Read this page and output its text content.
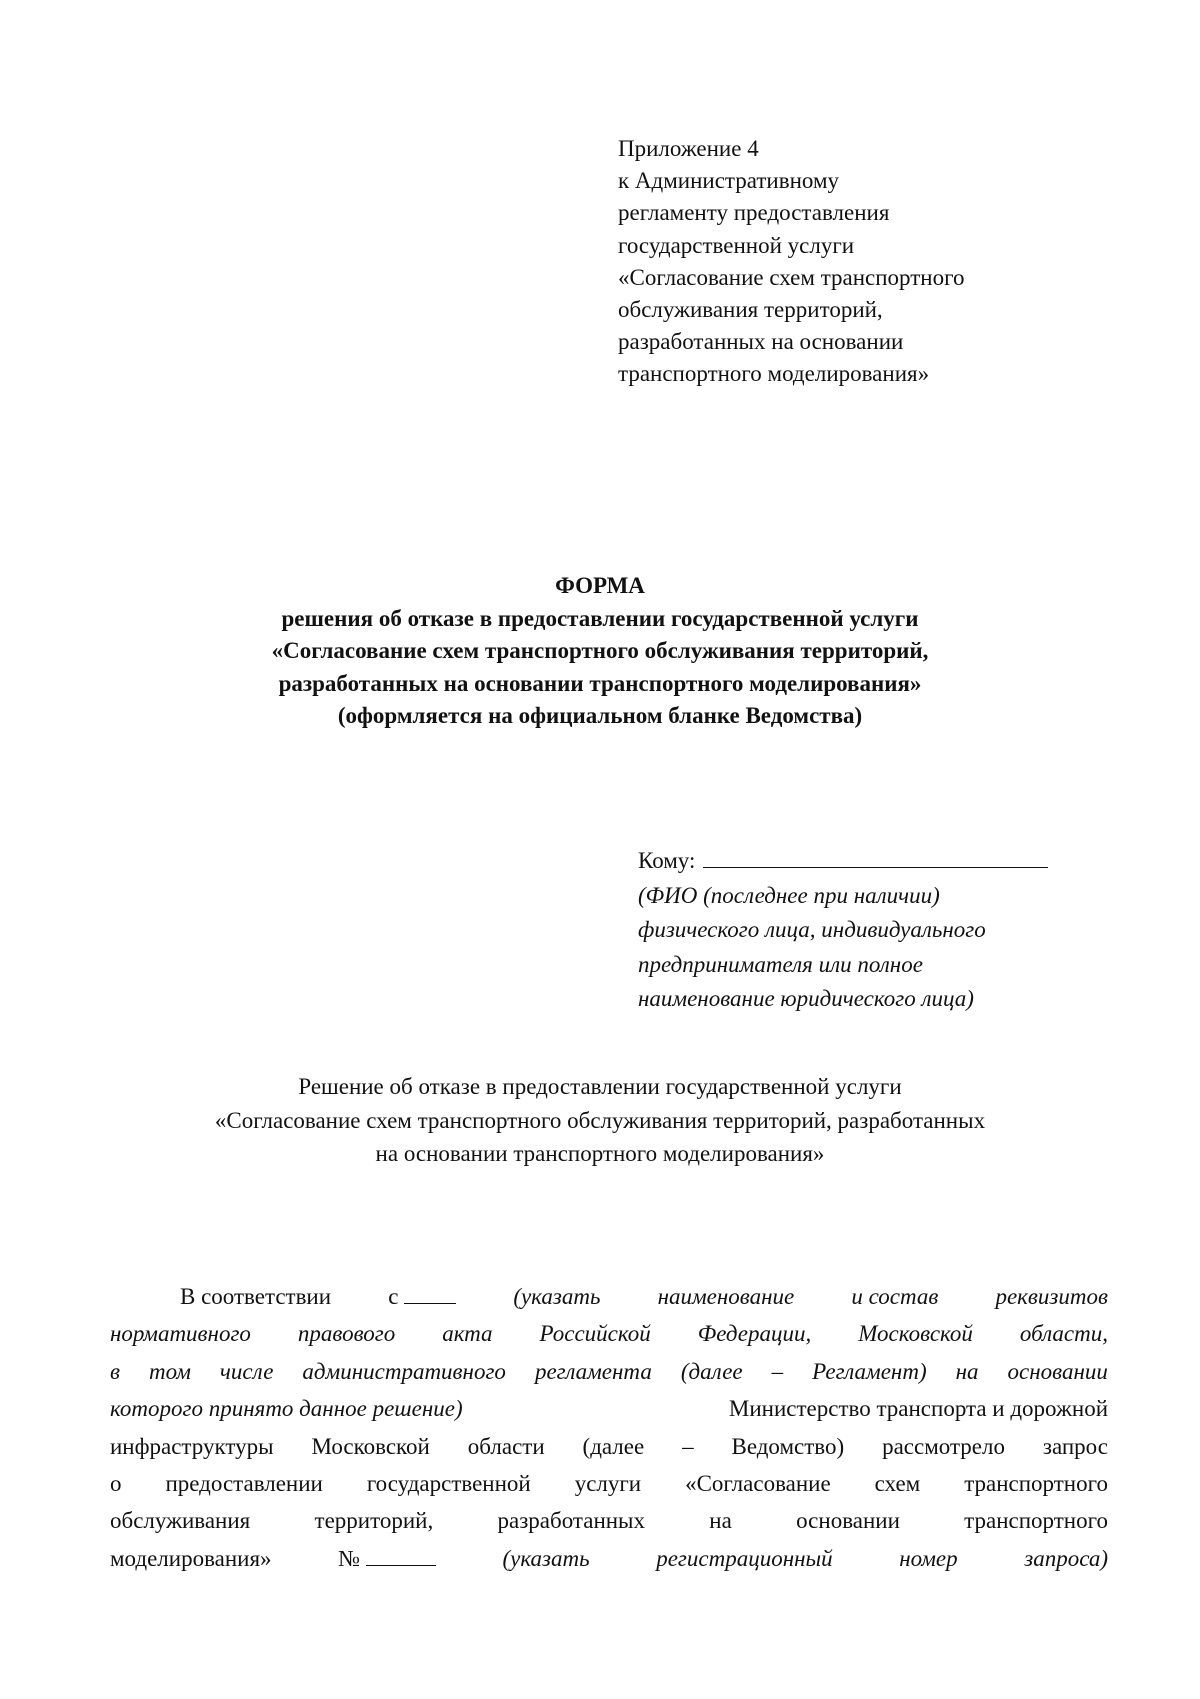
Приложение 4
к Административному
регламенту предоставления
государственной услуги
«Согласование схем транспортного
обслуживания территорий,
разработанных на основании
транспортного моделирования»
ФОРМА
решения об отказе в предоставлении государственной услуги
«Согласование схем транспортного обслуживания территорий,
разработанных на основании транспортного моделирования»
(оформляется на официальном бланке Ведомства)
Кому:
(ФИО (последнее при наличии)
физического лица, индивидуального
предпринимателя или полное
наименование юридического лица)
Решение об отказе в предоставлении государственной услуги
«Согласование схем транспортного обслуживания территорий, разработанных
на основании транспортного моделирования»
В соответствии с	(указать наименование и состав реквизитов
нормативного правового акта Российской Федерации, Московской области,
в том числе административного регламента (далее – Регламент) на основании
которого принято данное решение)	Министерство транспорта и дорожной
инфраструктуры Московской области (далее – Ведомство) рассмотрело запрос
о предоставлении государственной услуги «Согласование схем транспортного
обслуживания	территорий,	разработанных	на	основании	транспортного
моделирования»	№	(указать	регистрационный	номер	запроса)
